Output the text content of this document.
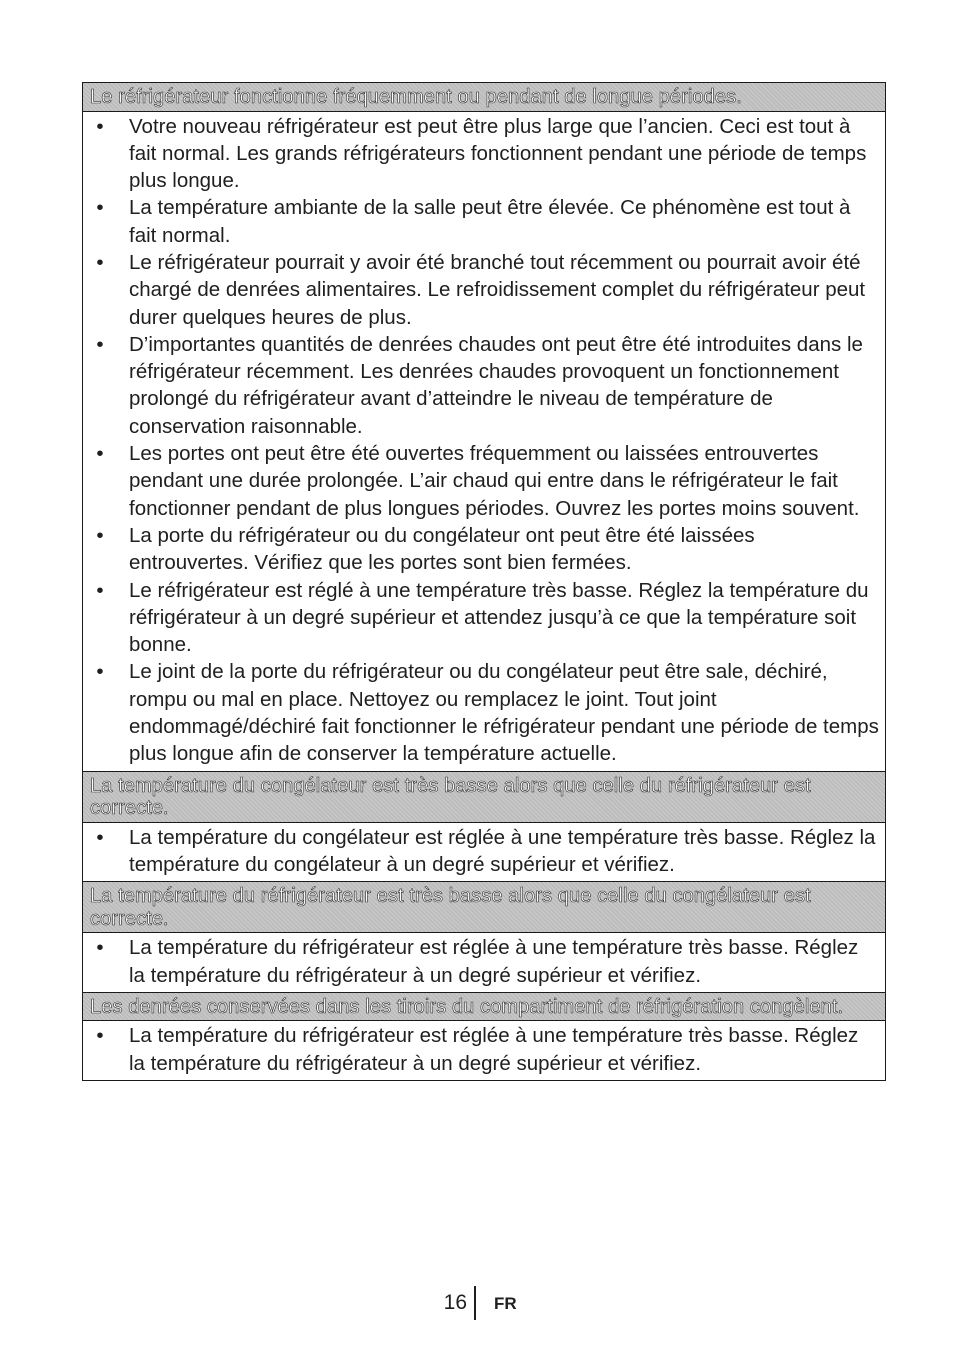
Le réfrigérateur fonctionne fréquemment ou pendant de longue périodes.
• Votre nouveau réfrigérateur est peut être plus large que l’ancien. Ceci est tout à fait normal. Les grands réfrigérateurs fonctionnent pendant une période de temps plus longue.
• La température ambiante de la salle peut être élevée. Ce phénomène est tout à fait normal.
• Le réfrigérateur pourrait y avoir été branché tout récemment ou pourrait avoir été chargé de denrées alimentaires. Le refroidissement complet du réfrigérateur peut durer quelques heures de plus.
• D’importantes quantités de denrées chaudes ont peut être été introduites dans le réfrigérateur récemment. Les denrées chaudes provoquent un fonctionnement prolongé du réfrigérateur avant d’atteindre le niveau de température de conservation raisonnable.
• Les portes ont peut être été ouvertes fréquemment ou laissées entrouvertes pendant une durée prolongée. L’air chaud qui entre dans le réfrigérateur le fait fonctionner pendant de plus longues périodes. Ouvrez les portes moins souvent.
• La porte du réfrigérateur ou du congélateur ont peut être été laissées entrouvertes. Vérifiez que les portes sont bien fermées.
• Le réfrigérateur est réglé à une température très basse. Réglez la température du réfrigérateur à un degré supérieur et attendez jusqu’à ce que la température soit bonne.
• Le joint de la porte du réfrigérateur ou du congélateur peut être sale, déchiré, rompu ou mal en place. Nettoyez ou remplacez le joint. Tout joint endommagé/déchiré fait fonctionner le réfrigérateur pendant une période de temps plus longue afin de conserver la température actuelle.
La température du congélateur est très basse alors que celle du réfrigérateur est correcte.
• La température du congélateur est réglée à une température très basse. Réglez la température du congélateur à un degré supérieur et vérifiez.
La température du réfrigérateur est très basse alors que celle du congélateur est correcte.
• La température du réfrigérateur est réglée à une température très basse. Réglez la température du réfrigérateur à un degré supérieur et vérifiez.
Les denrées conservées dans les tiroirs du compartiment de réfrigération congèlent.
• La température du réfrigérateur est réglée à une température très basse. Réglez la température du réfrigérateur à un degré supérieur et vérifiez.
16 FR
